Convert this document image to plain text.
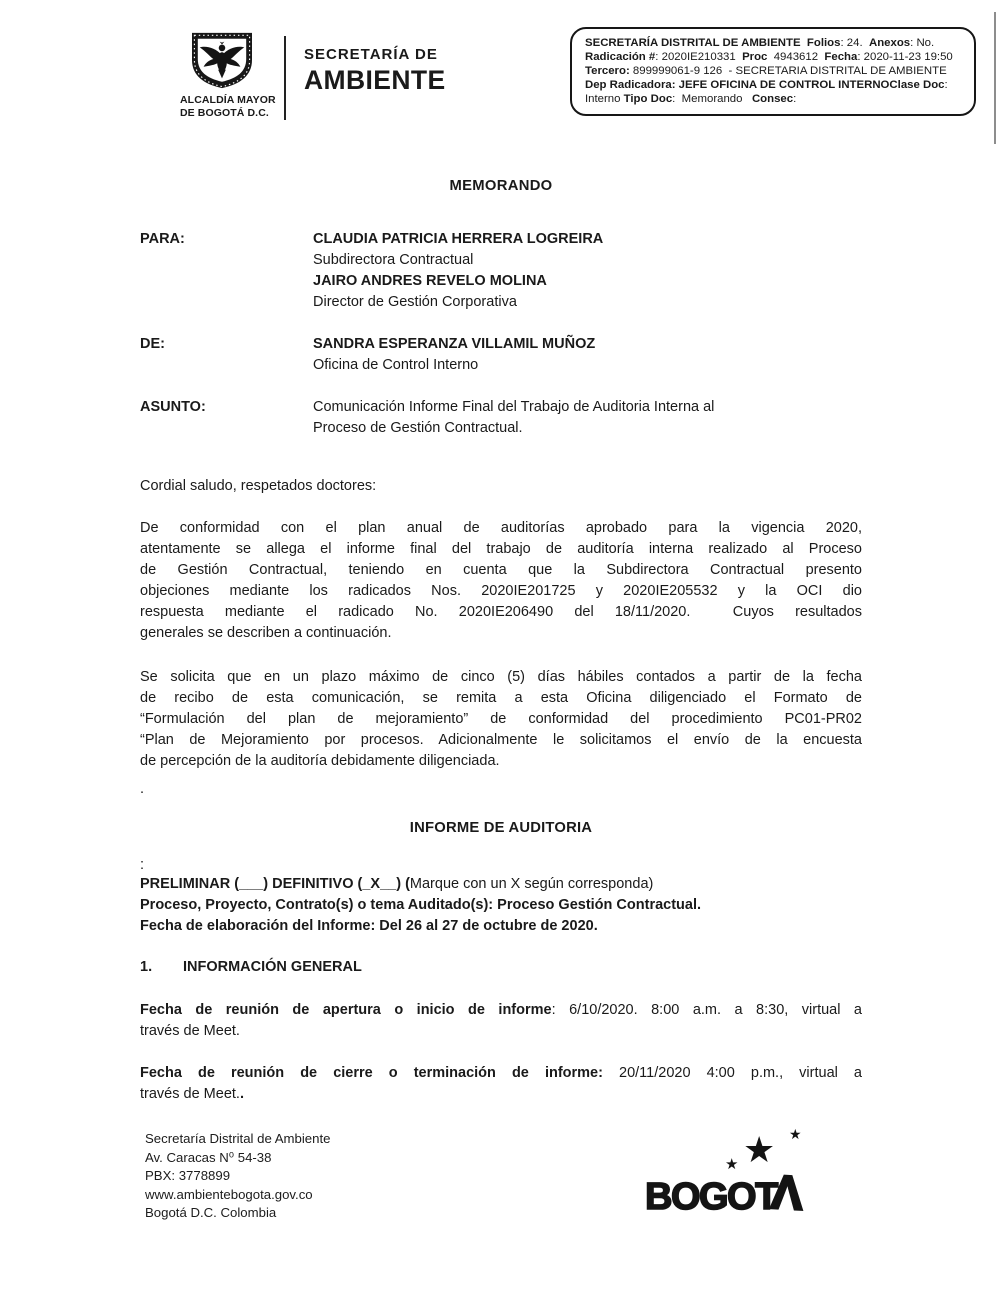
ALCALDÍA MAYOR
DE BOGOTÁ D.C.
SECRETARÍA DE
AMBIENTE
SECRETARÍA DISTRITAL DE AMBIENTE  Folios: 24.  Anexos: No.
Radicación #: 2020IE210331  Proc  4943612  Fecha: 2020-11-23 19:50
Tercero: 899999061-9 126  - SECRETARIA DISTRITAL DE AMBIENTE
Dep Radicadora: JEFE OFICINA DE CONTROL INTERNOClase Doc:
Interno Tipo Doc:  Memorando   Consec:
MEMORANDO
PARA:	CLAUDIA PATRICIA HERRERA LOGREIRA
Subdirectora Contractual
JAIRO ANDRES REVELO MOLINA
Director de Gestión Corporativa
DE:	SANDRA ESPERANZA VILLAMIL MUÑOZ
Oficina de Control Interno
ASUNTO:	Comunicación Informe Final del Trabajo de Auditoria Interna al
Proceso de Gestión Contractual.
Cordial saludo, respetados doctores:
De conformidad con el plan anual de auditorías aprobado para la vigencia 2020,
atentamente se allega el informe final del trabajo de auditoría interna realizado al Proceso
de Gestión Contractual, teniendo en cuenta que la Subdirectora Contractual presento
objeciones mediante los radicados Nos. 2020IE201725 y 2020IE205532 y la OCI dio
respuesta mediante el radicado No. 2020IE206490 del 18/11/2020.  Cuyos resultados
generales se describen a continuación.
Se solicita que en un plazo máximo de cinco (5) días hábiles contados a partir de la fecha
de recibo de esta comunicación, se remita a esta Oficina diligenciado el Formato de
“Formulación del plan de mejoramiento” de conformidad del procedimiento PC01-PR02
“Plan de Mejoramiento por procesos. Adicionalmente le solicitamos el envío de la encuesta
de percepción de la auditoría debidamente diligenciada.
.
INFORME DE AUDITORIA
:
PRELIMINAR (___) DEFINITIVO (_X__) (Marque con un X según corresponda)
Proceso, Proyecto, Contrato(s) o tema Auditado(s): Proceso Gestión Contractual.
Fecha de elaboración del Informe: Del 26 al 27 de octubre de 2020.
1. INFORMACIÓN GENERAL
Fecha de reunión de apertura o inicio de informe: 6/10/2020. 8:00 a.m. a 8:30, virtual a
través de Meet.
Fecha de reunión de cierre o terminación de informe: 20/11/2020 4:00 p.m., virtual a
través de Meet..
Secretaría Distrital de Ambiente
Av. Caracas N⁰ 54-38
PBX: 3778899
www.ambientebogota.gov.co
Bogotá D.C. Colombia
★ ★ ★
BOGOT
Λ
